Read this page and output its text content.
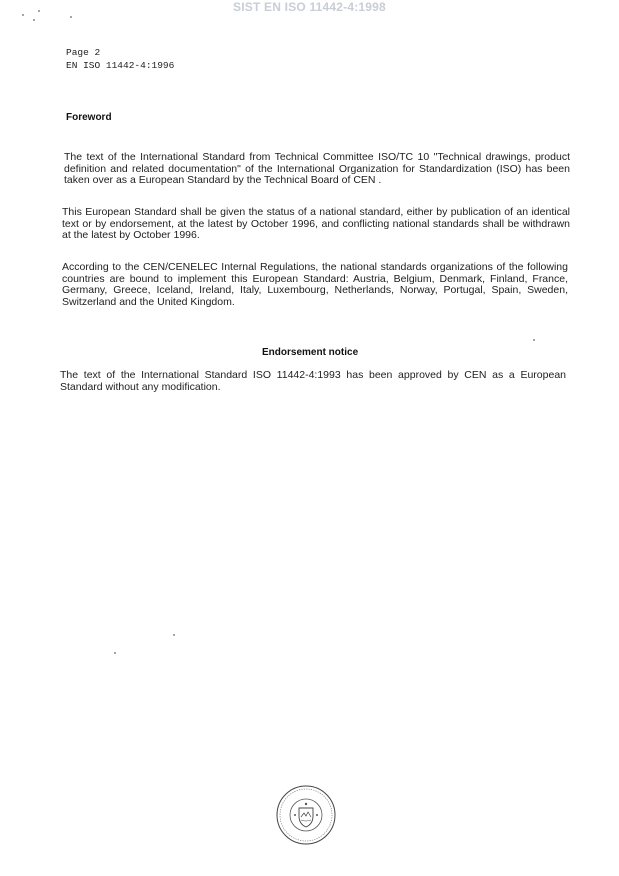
SIST EN ISO 11442-4:1998
Page 2
EN ISO 11442-4:1996
Foreword
The text of the International Standard from Technical Committee ISO/TC 10 "Technical drawings, product definition and related documentation" of the International Organization for Standardization (ISO) has been taken over as a European Standard by the Technical Board of CEN .
This European Standard shall be given the status of a national standard, either by publication of an identical text or by endorsement, at the latest by October 1996, and conflicting national standards shall be withdrawn at the latest by October 1996.
According to the CEN/CENELEC Internal Regulations, the national standards organizations of the following countries are bound to implement this European Standard: Austria, Belgium, Denmark, Finland, France, Germany, Greece, Iceland, Ireland, Italy, Luxembourg, Netherlands, Norway, Portugal, Spain, Sweden, Switzerland and the United Kingdom.
Endorsement notice
The text of the International Standard ISO 11442-4:1993 has been approved by CEN as a European Standard without any modification.
